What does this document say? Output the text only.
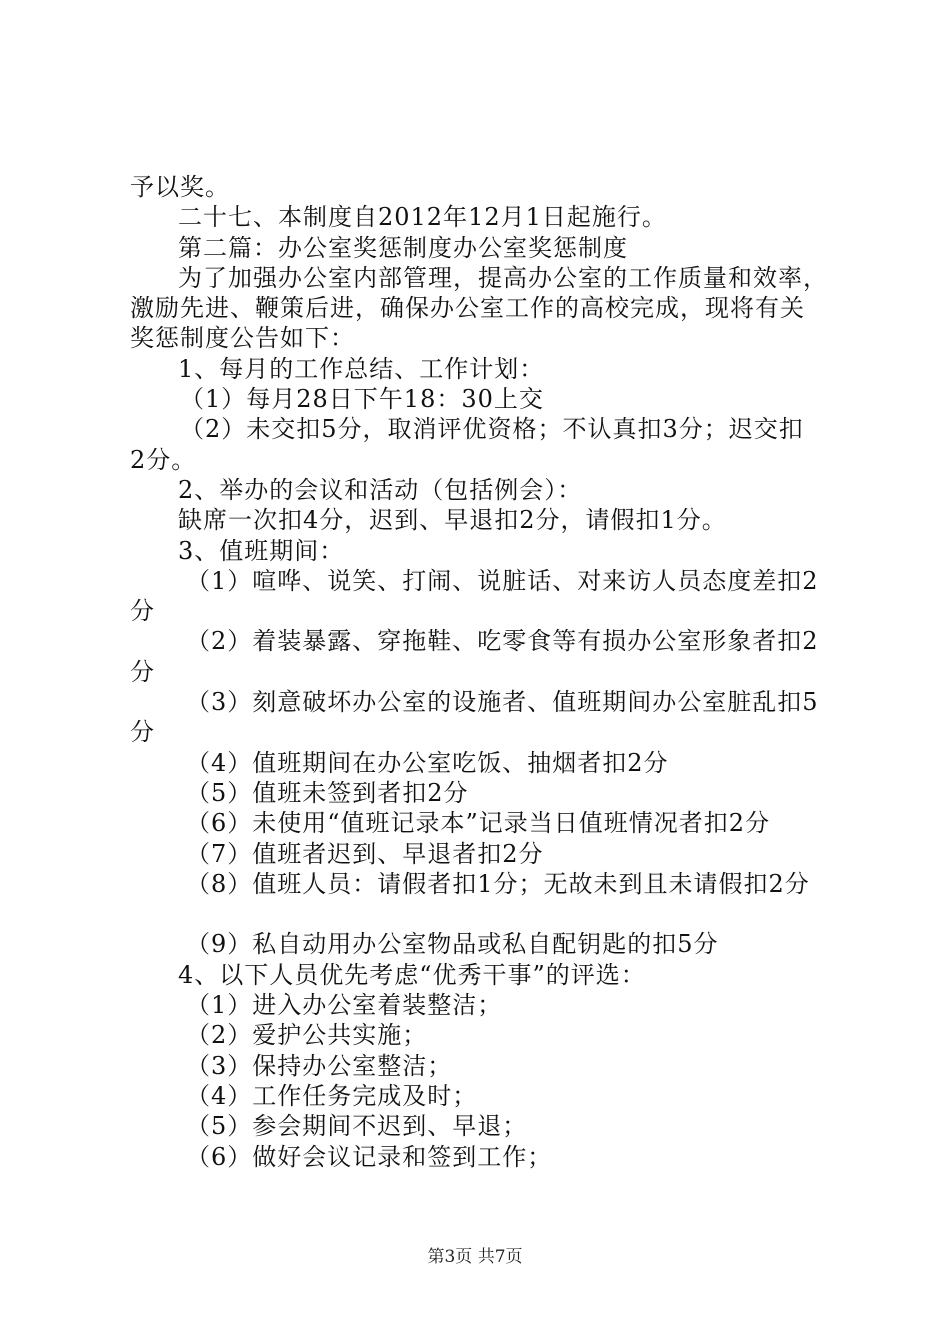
予以奖。
二十七、本制度自2012年12月1日起施行。
第二篇：办公室奖惩制度办公室奖惩制度
为了加强办公室内部管理，提高办公室的工作质量和效率，
激励先进、鞭策后进，确保办公室工作的高校完成，现将有关
奖惩制度公告如下：
1、每月的工作总结、工作计划：
（1）每月28日下午18：30上交
（2）未交扣5分，取消评优资格；不认真扣3分；迟交扣
2分。
2、举办的会议和活动（包括例会）：
缺席一次扣4分，迟到、早退扣2分，请假扣1分。
3、值班期间：
（1）喧哗、说笑、打闹、说脏话、对来访人员态度差扣2
分
（2）着装暴露、穿拖鞋、吃零食等有损办公室形象者扣2
分
（3）刻意破坏办公室的设施者、值班期间办公室脏乱扣5
分
（4）值班期间在办公室吃饭、抽烟者扣2分
（5）值班未签到者扣2分
（6）未使用“值班记录本”记录当日值班情况者扣2分
（7）值班者迟到、早退者扣2分
（8）值班人员：请假者扣1分；无故未到且未请假扣2分
（9）私自动用办公室物品或私自配钥匙的扣5分
4、以下人员优先考虑“优秀干事”的评选：
（1）进入办公室着装整洁；
（2）爱护公共实施；
（3）保持办公室整洁；
（4）工作任务完成及时；
（5）参会期间不迟到、早退；
（6）做好会议记录和签到工作；
第3页 共7页
